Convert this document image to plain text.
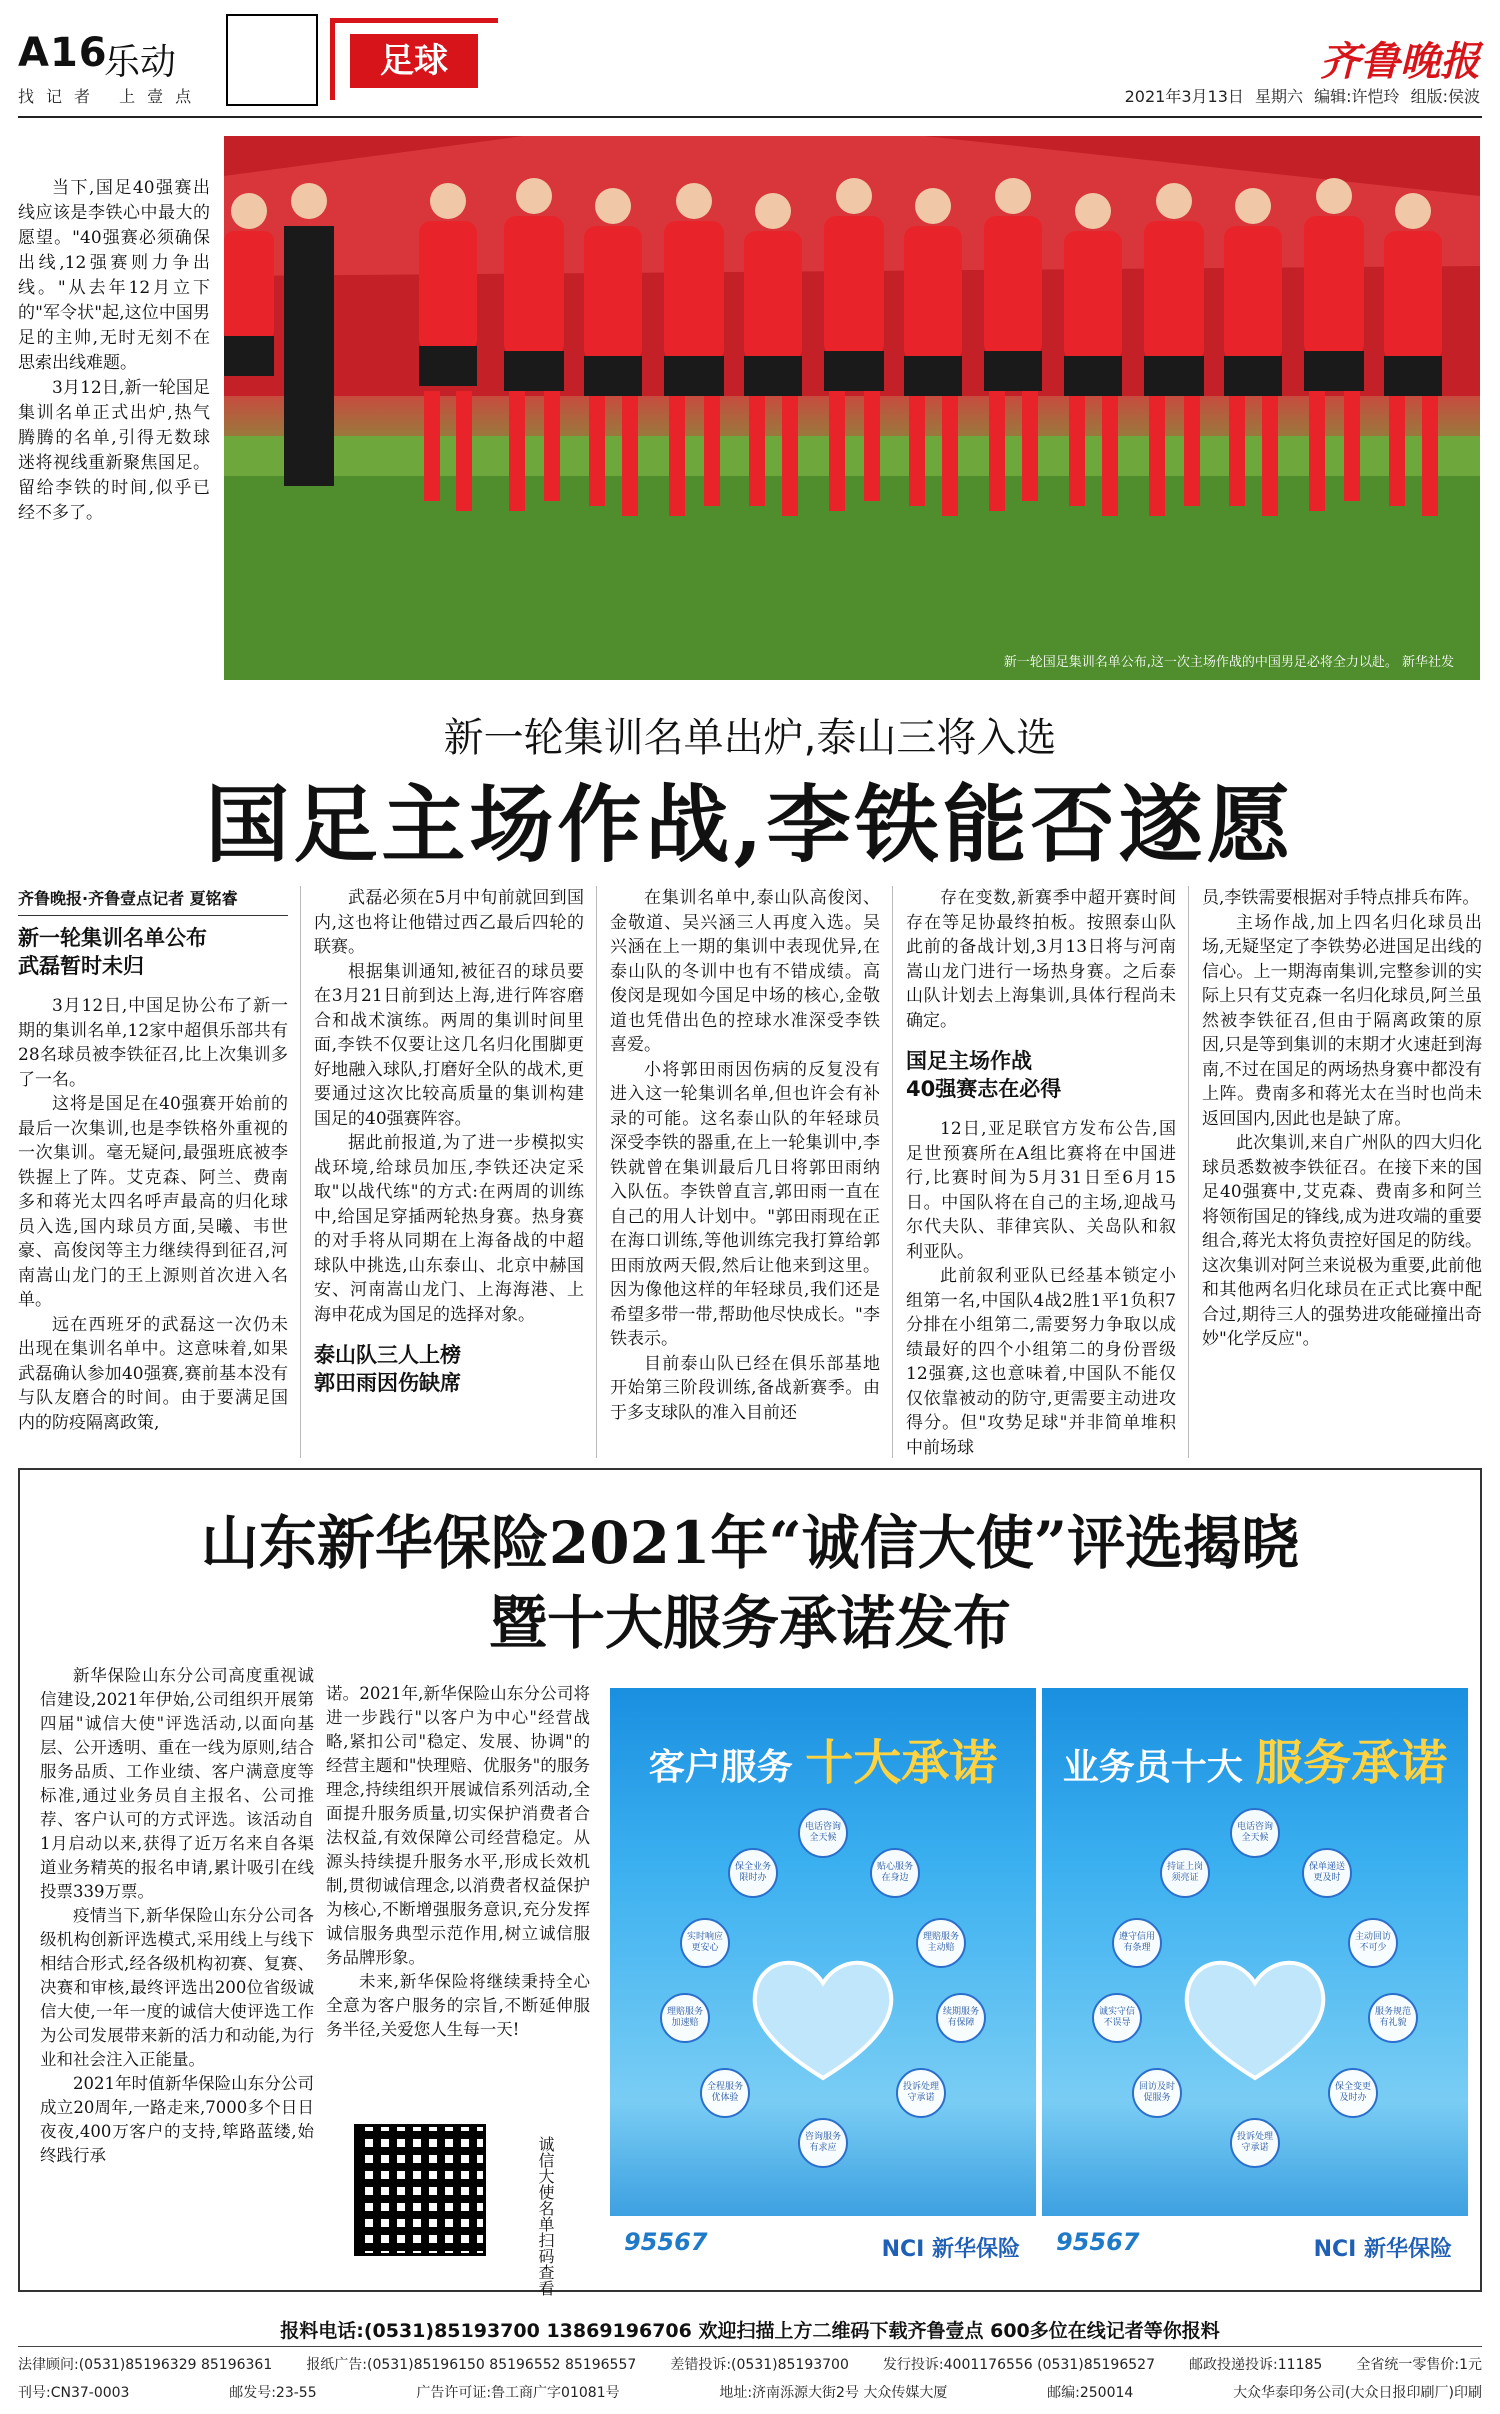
A16
乐动
找记者 上壹点
足球	齐鲁晚报
2021年3月13日 星期六 编辑:许恺玲 组版:侯波

当下,国足40强赛出线应该是李铁心中最大的愿望。"40强赛必须确保出线,12强赛则力争出线。"从去年12月立下的"军令状"起,这位中国男足的主帅,无时无刻不在思索出线难题。

3月12日,新一轮国足集训名单正式出炉,热气腾腾的名单,引得无数球迷将视线重新聚焦国足。留给李铁的时间,似乎已经不多了。

新一轮国足集训名单公布,这一次主场作战的中国男足必将全力以赴。 新华社发
新一轮集训名单出炉,泰山三将入选
国足主场作战,李铁能否遂愿

齐鲁晚报·齐鲁壹点记者 夏铭睿

新一轮集训名单公布
武磊暂时未归

3月12日,中国足协公布了新一期的集训名单,12家中超俱乐部共有28名球员被李铁征召,比上次集训多了一名。

这将是国足在40强赛开始前的最后一次集训,也是李铁格外重视的一次集训。毫无疑问,最强班底被李铁握上了阵。艾克森、阿兰、费南多和蒋光太四名呼声最高的归化球员入选,国内球员方面,吴曦、韦世豪、高俊闵等主力继续得到征召,河南嵩山龙门的王上源则首次进入名单。

远在西班牙的武磊这一次仍未出现在集训名单中。这意味着,如果武磊确认参加40强赛,赛前基本没有与队友磨合的时间。由于要满足国内的防疫隔离政策,

武磊必须在5月中旬前就回到国内,这也将让他错过西乙最后四轮的联赛。

根据集训通知,被征召的球员要在3月21日前到达上海,进行阵容磨合和战术演练。两周的集训时间里面,李铁不仅要让这几名归化围脚更好地融入球队,打磨好全队的战术,更要通过这次比较高质量的集训构建国足的40强赛阵容。

据此前报道,为了进一步模拟实战环境,给球员加压,李铁还决定采取"以战代练"的方式:在两周的训练中,给国足穿插两轮热身赛。热身赛的对手将从同期在上海备战的中超球队中挑选,山东泰山、北京中赫国安、河南嵩山龙门、上海海港、上海申花成为国足的选择对象。

泰山队三人上榜
郭田雨因伤缺席

在集训名单中,泰山队高俊闵、金敬道、吴兴涵三人再度入选。吴兴涵在上一期的集训中表现优异,在泰山队的冬训中也有不错成绩。高俊闵是现如今国足中场的核心,金敬道也凭借出色的控球水准深受李铁喜爱。

小将郭田雨因伤病的反复没有进入这一轮集训名单,但也许会有补录的可能。这名泰山队的年轻球员深受李铁的器重,在上一轮集训中,李铁就曾在集训最后几日将郭田雨纳入队伍。李铁曾直言,郭田雨一直在自己的用人计划中。"郭田雨现在正在海口训练,等他训练完我打算给郭田雨放两天假,然后让他来到这里。因为像他这样的年轻球员,我们还是希望多带一带,帮助他尽快成长。"李铁表示。

目前泰山队已经在俱乐部基地开始第三阶段训练,备战新赛季。由于多支球队的准入目前还

存在变数,新赛季中超开赛时间存在等足协最终拍板。按照泰山队此前的备战计划,3月13日将与河南嵩山龙门进行一场热身赛。之后泰山队计划去上海集训,具体行程尚未确定。

国足主场作战
40强赛志在必得

12日,亚足联官方发布公告,国足世预赛所在A组比赛将在中国进行,比赛时间为5月31日至6月15日。中国队将在自己的主场,迎战马尔代夫队、菲律宾队、关岛队和叙利亚队。

此前叙利亚队已经基本锁定小组第一名,中国队4战2胜1平1负积7分排在小组第二,需要努力争取以成绩最好的四个小组第二的身份晋级12强赛,这也意味着,中国队不能仅仅依靠被动的防守,更需要主动进攻得分。但"攻势足球"并非简单堆积中前场球

员,李铁需要根据对手特点排兵布阵。

主场作战,加上四名归化球员出场,无疑坚定了李铁势必进国足出线的信心。上一期海南集训,完整参训的实际上只有艾克森一名归化球员,阿兰虽然被李铁征召,但由于隔离政策的原因,只是等到集训的末期才火速赶到海南,不过在国足的两场热身赛中都没有上阵。费南多和蒋光太在当时也尚未返回国内,因此也是缺了席。

此次集训,来自广州队的四大归化球员悉数被李铁征召。在接下来的国足40强赛中,艾克森、费南多和阿兰将领衔国足的锋线,成为进攻端的重要组合,蒋光太将负责控好国足的防线。这次集训对阿兰来说极为重要,此前他和其他两名归化球员在正式比赛中配合过,期待三人的强势进攻能碰撞出奇妙"化学反应"。

山东新华保险2021年“诚信大使”评选揭晓
暨十大服务承诺发布

新华保险山东分公司高度重视诚信建设,2021年伊始,公司组织开展第四届"诚信大使"评选活动,以面向基层、公开透明、重在一线为原则,结合服务品质、工作业绩、客户满意度等标准,通过业务员自主报名、公司推荐、客户认可的方式评选。该活动自1月启动以来,获得了近万名来自各渠道业务精英的报名申请,累计吸引在线投票339万票。

疫情当下,新华保险山东分公司各级机构创新评选模式,采用线上与线下相结合形式,经各级机构初赛、复赛、决赛和审核,最终评选出200位省级诚信大使,一年一度的诚信大使评选工作为公司发展带来新的活力和动能,为行业和社会注入正能量。

2021年时值新华保险山东分公司成立20周年,一路走来,7000多个日日夜夜,400万客户的支持,筚路蓝缕,始终践行承

诺。2021年,新华保险山东分公司将进一步践行"以客户为中心"经营战略,紧扣公司"稳定、发展、协调"的经营主题和"快理赔、优服务"的服务理念,持续组织开展诚信系列活动,全面提升服务质量,切实保护消费者合法权益,有效保障公司经营稳定。从源头持续提升服务水平,形成长效机制,贯彻诚信理念,以消费者权益保护为核心,不断增强服务意识,充分发挥诚信服务典型示范作用,树立诚信服务品牌形象。

未来,新华保险将继续秉持全心全意为客户服务的宗旨,不断延伸服务半径,关爱您人生每一天!

诚信大使名单扫码查看
客户服务 十大承诺
电话咨询
全天候
保全业务
限时办
贴心服务
在身边
实时响应
更安心
理赔服务
主动赔
理赔服务
加速赔
续期服务
有保障
全程服务
优体验
投诉处理
守承诺
咨询服务
有求应
95567	NCI 新华保险
业务员十大 服务承诺
电话咨询
全天候
持证上岗
须亮证
保单递送
更及时
遵守信用
有条理
主动回访
不可少
诚实守信
不误导
服务规范
有礼貌
回访及时
促服务
保全变更
及时办
投诉处理
守承诺
95567	NCI 新华保险
报料电话:(0531)85193700 13869196706 欢迎扫描上方二维码下载齐鲁壹点 600多位在线记者等你报料
法律顾问:(0531)85196329 85196361 报纸广告:(0531)85196150 85196552 85196557 差错投诉:(0531)85193700 发行投诉:4001176556 (0531)85196527 邮政投递投诉:11185 全省统一零售价:1元
刊号:CN37-0003	邮发号:23-55	广告许可证:鲁工商广字01081号	地址:济南泺源大街2号 大众传媒大厦	邮编:250014	大众华泰印务公司(大众日报印刷厂)印刷
